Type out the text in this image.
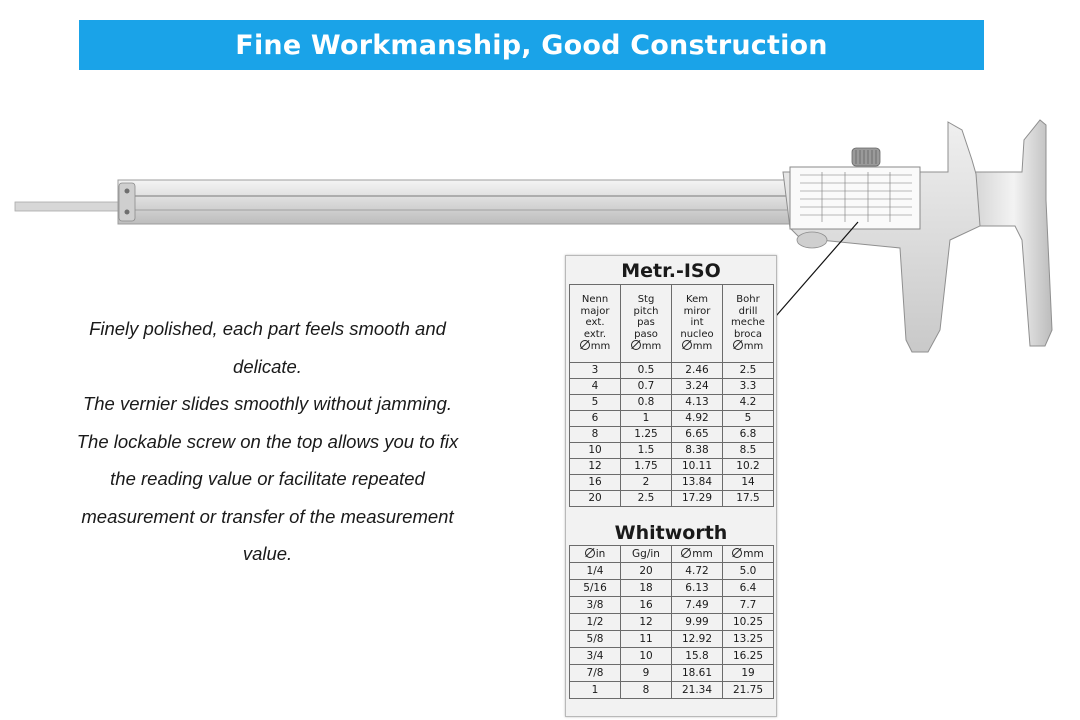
Fine Workmanship, Good Construction
Finely polished, each part feels smooth and
delicate.
The vernier slides smoothly without jamming.
The lockable screw on the top allows you to fix
the reading value or facilitate repeated
measurement or transfer of the measurement
value.
Metr.-ISO
Nenn
major
ext.
extr.
mm	Stg
pitch
pas
paso
mm	Kem
miror
int
nucleo
mm	Bohr
drill
meche
broca
mm
3	0.5	2.46	2.5
4	0.7	3.24	3.3
5	0.8	4.13	4.2
6	1	4.92	5
8	1.25	6.65	6.8
10	1.5	8.38	8.5
12	1.75	10.11	10.2
16	2	13.84	14
20	2.5	17.29	17.5
Whitworth
in	Gg/in	mm	mm
1/4	20	4.72	5.0
5/16	18	6.13	6.4
3/8	16	7.49	7.7
1/2	12	9.99	10.25
5/8	11	12.92	13.25
3/4	10	15.8	16.25
7/8	9	18.61	19
1	8	21.34	21.75
